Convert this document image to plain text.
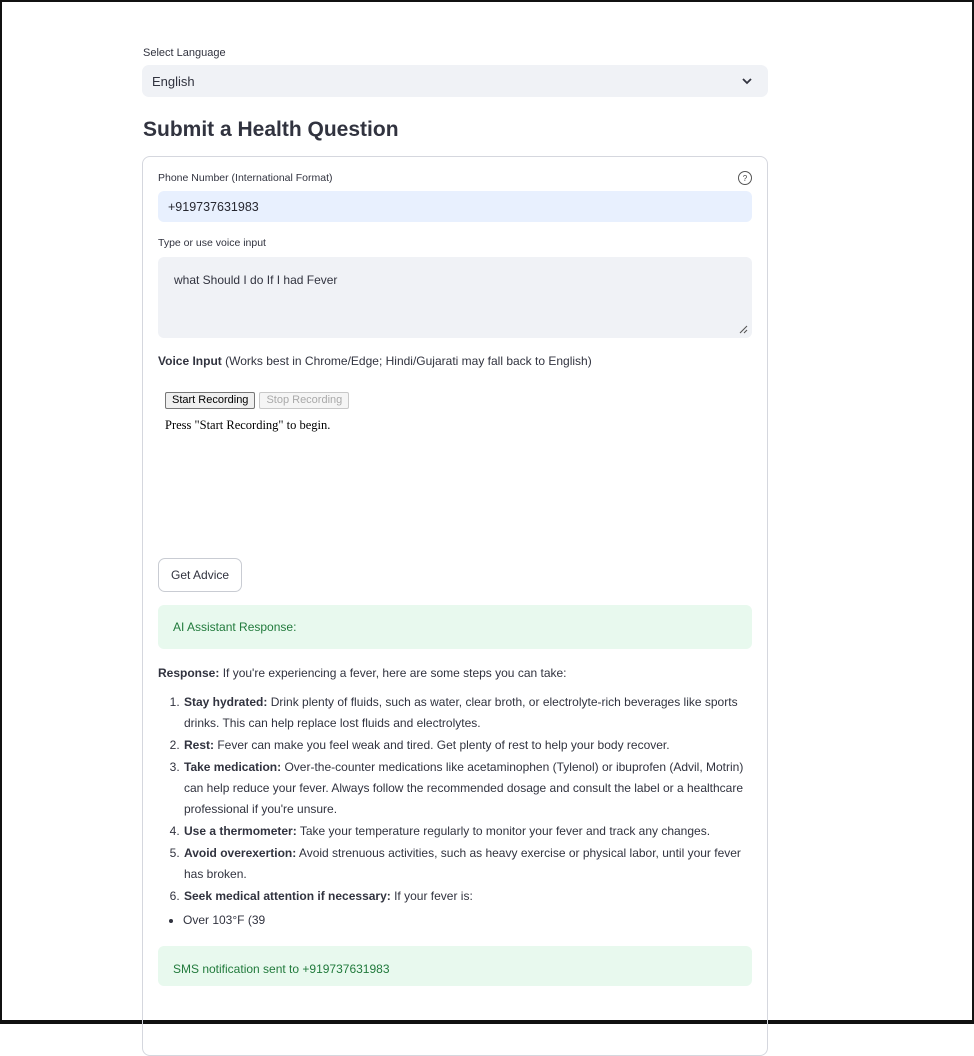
Select Language
English
Submit a Health Question
Phone Number (International Format)	?
+919737631983
Type or use voice input
what Should I do If I had Fever
Voice Input (Works best in Chrome/Edge; Hindi/Gujarati may fall back to English)
Start Recording	Stop Recording
Press "Start Recording" to begin.
Get Advice
AI Assistant Response:
Response: If you're experiencing a fever, here are some steps you can take:
1. Stay hydrated: Drink plenty of fluids, such as water, clear broth, or electrolyte-rich beverages like sports drinks. This can help replace lost fluids and electrolytes.
2. Rest: Fever can make you feel weak and tired. Get plenty of rest to help your body recover.
3. Take medication: Over-the-counter medications like acetaminophen (Tylenol) or ibuprofen (Advil, Motrin) can help reduce your fever. Always follow the recommended dosage and consult the label or a healthcare professional if you're unsure.
4. Use a thermometer: Take your temperature regularly to monitor your fever and track any changes.
5. Avoid overexertion: Avoid strenuous activities, such as heavy exercise or physical labor, until your fever has broken.
6. Seek medical attention if necessary: If your fever is:
• Over 103°F (39
SMS notification sent to +919737631983
